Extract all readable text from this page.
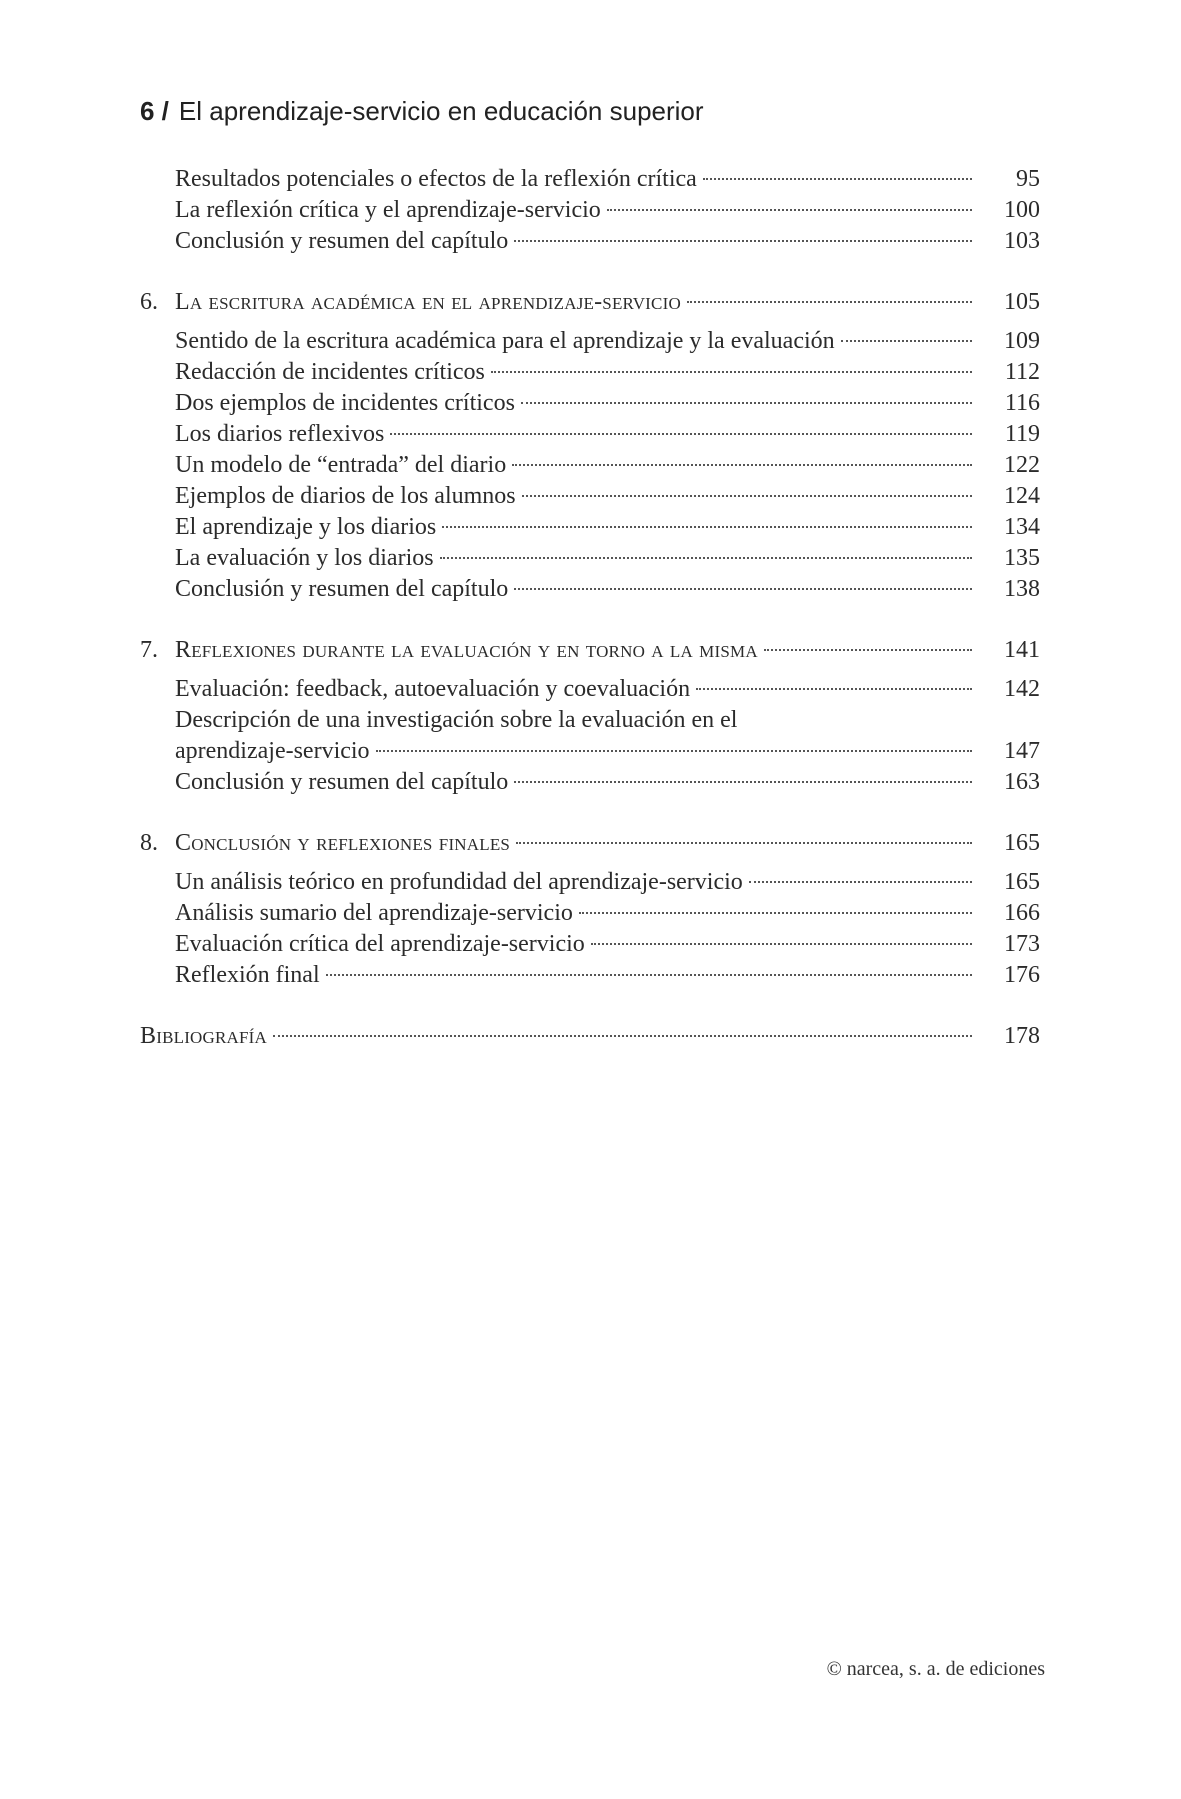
6 / El aprendizaje-servicio en educación superior
Resultados potenciales o efectos de la reflexión crítica	95
La reflexión crítica y el aprendizaje-servicio	100
Conclusión y resumen del capítulo	103
6. La escritura académica en el aprendizaje-servicio	105
Sentido de la escritura académica para el aprendizaje y la evaluación	109
Redacción de incidentes críticos	112
Dos ejemplos de incidentes críticos	116
Los diarios reflexivos	119
Un modelo de “entrada” del diario	122
Ejemplos de diarios de los alumnos	124
El aprendizaje y los diarios	134
La evaluación y los diarios	135
Conclusión y resumen del capítulo	138
7. Reflexiones durante la evaluación y en torno a la misma	141
Evaluación: feedback, autoevaluación y coevaluación	142
Descripción de una investigación sobre la evaluación en el
aprendizaje-servicio	147
Conclusión y resumen del capítulo	163
8. Conclusión y reflexiones finales	165
Un análisis teórico en profundidad del aprendizaje-servicio	165
Análisis sumario del aprendizaje-servicio	166
Evaluación crítica del aprendizaje-servicio	173
Reflexión final	176
Bibliografía	178
© narcea, s. a. de ediciones
